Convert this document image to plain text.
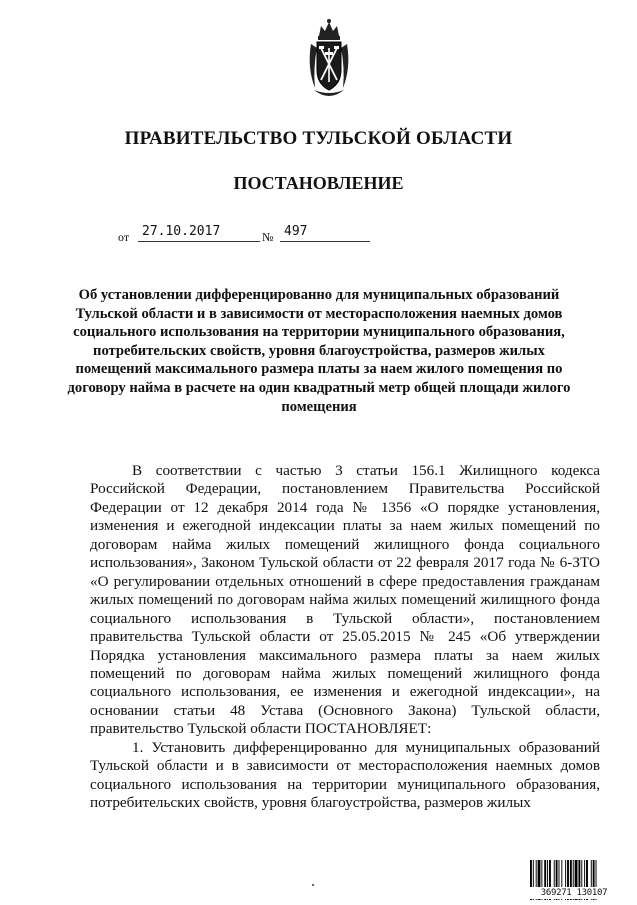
ПРАВИТЕЛЬСТВО ТУЛЬСКОЙ ОБЛАСТИ
ПОСТАНОВЛЕНИЕ
от 27.10.2017	№ 497
Об установлении дифференцированно для муниципальных образований Тульской области и в зависимости от месторасположения наемных домов социального использования на территории муниципального образования, потребительских свойств, уровня благоустройства, размеров жилых помещений максимального размера платы за наем жилого помещения по договору найма в расчете на один квадратный метр общей площади жилого помещения

В соответствии с частью 3 статьи 156.1 Жилищного кодекса Российской Федерации, постановлением Правительства Российской Федерации от 12 декабря 2014 года № 1356 «О порядке установления, изменения и ежегодной индексации платы за наем жилых помещений по договорам найма жилых помещений жилищного фонда социального использования», Законом Тульской области от 22 февраля 2017 года № 6-ЗТО «О регулировании отдельных отношений в сфере предоставления гражданам жилых помещений по договорам найма жилых помещений жилищного фонда социального использования в Тульской области», постановлением правительства Тульской области от 25.05.2015 № 245 «Об утверждении Порядка установления максимального размера платы за наем жилых помещений по договорам найма жилых помещений жилищного фонда социального использования, ее изменения и ежегодной индексации», на основании статьи 48 Устава (Основного Закона) Тульской области, правительство Тульской области ПОСТАНОВЛЯЕТ:

1. Установить дифференцированно для муниципальных образований Тульской области и в зависимости от месторасположения наемных домов социального использования на территории муниципального образования, потребительских свойств, уровня благоустройства, размеров жилых

369271 130107
